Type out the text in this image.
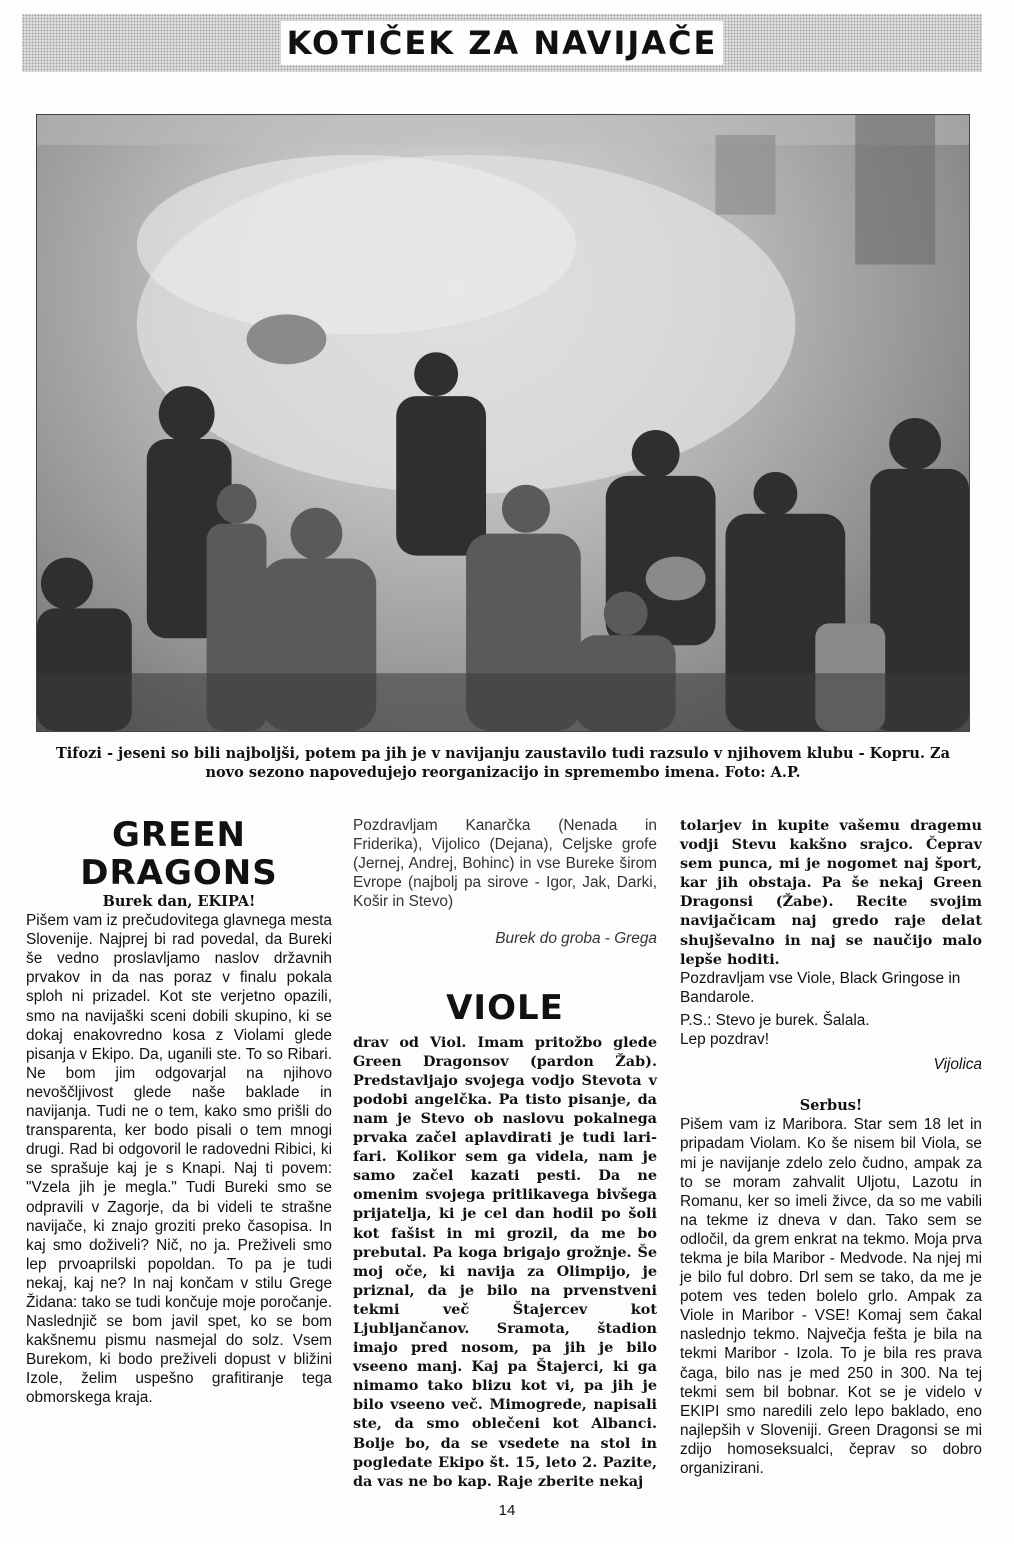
KOTIČEK ZA NAVIJAČE

Tifozi - jeseni so bili najboljši, potem pa jih je v navijanju zaustavilo tudi razsulo v njihovem klubu - Kopru. Za novo sezono napovedujejo reorganizacijo in spremembo imena. Foto: A.P.

GREEN DRAGONS

Burek dan, EKIPA!

Pišem vam iz prečudovitega glavnega mesta Slovenije. Najprej bi rad povedal, da Bureki še vedno proslavljamo naslov državnih prvakov in da nas poraz v finalu pokala sploh ni prizadel. Kot ste verjetno opazili, smo na navijaški sceni dobili skupino, ki se dokaj enakovredno kosa z Violami glede pisanja v Ekipo. Da, uganili ste. To so Ribari. Ne bom jim odgovarjal na njihovo nevoščljivost glede naše baklade in navijanja. Tudi ne o tem, kako smo prišli do transparenta, ker bodo pisali o tem mnogi drugi. Rad bi odgovoril le radovedni Ribici, ki se sprašuje kaj je s Knapi. Naj ti povem: "Vzela jih je megla." Tudi Bureki smo se odpravili v Zagorje, da bi videli te strašne navijače, ki znajo groziti preko časopisa. In kaj smo doživeli? Nič, no ja. Preživeli smo lep prvoaprilski popoldan. To pa je tudi nekaj, kaj ne? In naj končam v stilu Grege Židana: tako se tudi končuje moje poročanje. Naslednjič se bom javil spet, ko se bom kakšnemu pismu nasmejal do solz. Vsem Burekom, ki bodo preživeli dopust v bližini Izole, želim uspešno grafitiranje tega obmorskega kraja.

Pozdravljam Kanarčka (Nenada in Friderika), Vijolico (Dejana), Celjske grofe (Jernej, Andrej, Bohinc) in vse Bureke širom Evrope (najbolj pa sirove - Igor, Jak, Darki, Košir in Stevo)

Burek do groba - Grega

VIOLE

drav od Viol. Imam pritožbo glede Green Dragonsov (pardon Žab). Predstavljajo svojega vodjo Stevota v podobi angelčka. Pa tisto pisanje, da nam je Stevo ob naslovu pokalnega prvaka začel aplavdirati je tudi lari-fari. Kolikor sem ga videla, nam je samo začel kazati pesti. Da ne omenim svojega pritlikavega bivšega prijatelja, ki je cel dan hodil po šoli kot fašist in mi grozil, da me bo prebutal. Pa koga brigajo grožnje. Še moj oče, ki navija za Olimpijo, je priznal, da je bilo na prvenstveni tekmi več Štajercev kot Ljubljančanov. Sramota, štadion imajo pred nosom, pa jih je bilo vseeno manj. Kaj pa Štajerci, ki ga nimamo tako blizu kot vi, pa jih je bilo vseeno več. Mimogrede, napisali ste, da smo oblečeni kot Albanci. Bolje bo, da se vsedete na stol in pogledate Ekipo št. 15, leto 2. Pazite, da vas ne bo kap. Raje zberite nekaj

tolarjev in kupite vašemu dragemu vodji Stevu kakšno srajco. Čeprav sem punca, mi je nogomet naj šport, kar jih obstaja. Pa še nekaj Green Dragonsi (Žabe). Recite svojim navijačicam naj gredo raje delat shujševalno in naj se naučijo malo lepše hoditi.

Pozdravljam vse Viole, Black Gringose in Bandarole.

P.S.: Stevo je burek. Šalala.

Lep pozdrav!

Vijolica

Serbus!

Pišem vam iz Maribora. Star sem 18 let in pripadam Violam. Ko še nisem bil Viola, se mi je navijanje zdelo zelo čudno, ampak za to se moram zahvalit Uljotu, Lazotu in Romanu, ker so imeli živce, da so me vabili na tekme iz dneva v dan. Tako sem se odločil, da grem enkrat na tekmo. Moja prva tekma je bila Maribor - Medvode. Na njej mi je bilo ful dobro. Drl sem se tako, da me je potem ves teden bolelo grlo. Ampak za Viole in Maribor - VSE! Komaj sem čakal naslednjo tekmo. Največja fešta je bila na tekmi Maribor - Izola. To je bila res prava čaga, bilo nas je med 250 in 300. Na tej tekmi sem bil bobnar. Kot se je videlo v EKIPI smo naredili zelo lepo baklado, eno najlepših v Sloveniji. Green Dragonsi se mi zdijo homoseksualci, čeprav so dobro organizirani.

14
